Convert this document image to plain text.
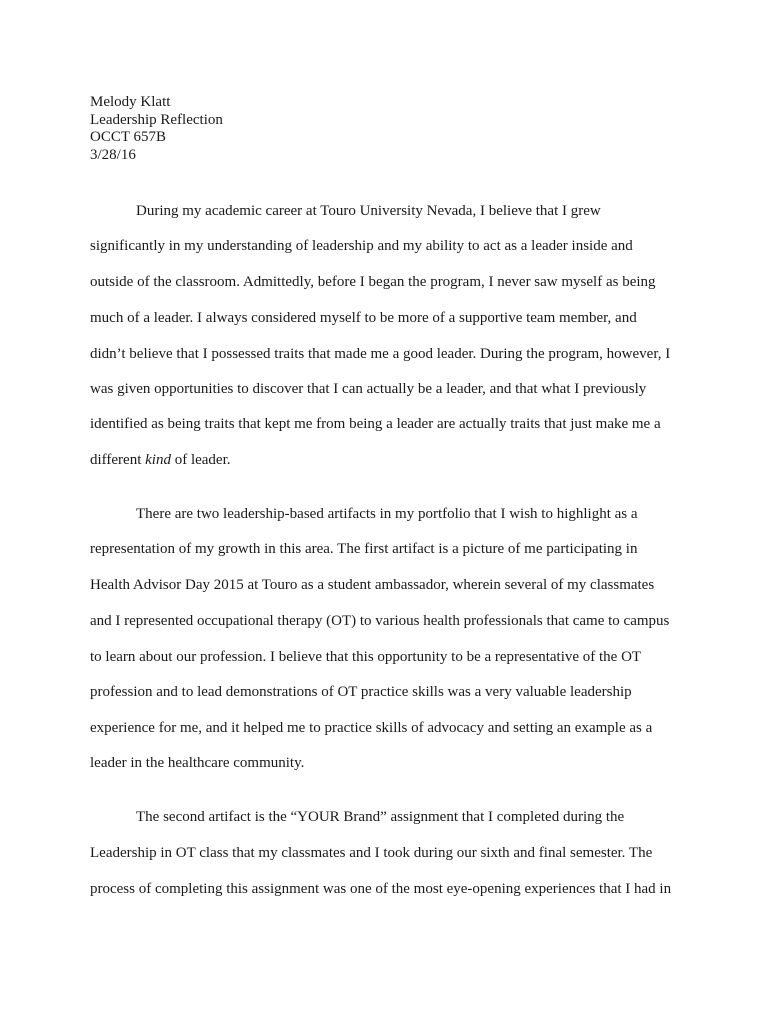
Melody Klatt
Leadership Reflection
OCCT 657B
3/28/16
During my academic career at Touro University Nevada, I believe that I grew
significantly in my understanding of leadership and my ability to act as a leader inside and
outside of the classroom. Admittedly, before I began the program, I never saw myself as being
much of a leader. I always considered myself to be more of a supportive team member, and
didn’t believe that I possessed traits that made me a good leader. During the program, however, I
was given opportunities to discover that I can actually be a leader, and that what I previously
identified as being traits that kept me from being a leader are actually traits that just make me a
different kind of leader.
There are two leadership-based artifacts in my portfolio that I wish to highlight as a
representation of my growth in this area. The first artifact is a picture of me participating in
Health Advisor Day 2015 at Touro as a student ambassador, wherein several of my classmates
and I represented occupational therapy (OT) to various health professionals that came to campus
to learn about our profession. I believe that this opportunity to be a representative of the OT
profession and to lead demonstrations of OT practice skills was a very valuable leadership
experience for me, and it helped me to practice skills of advocacy and setting an example as a
leader in the healthcare community.
The second artifact is the “YOUR Brand” assignment that I completed during the
Leadership in OT class that my classmates and I took during our sixth and final semester. The
process of completing this assignment was one of the most eye-opening experiences that I had in
